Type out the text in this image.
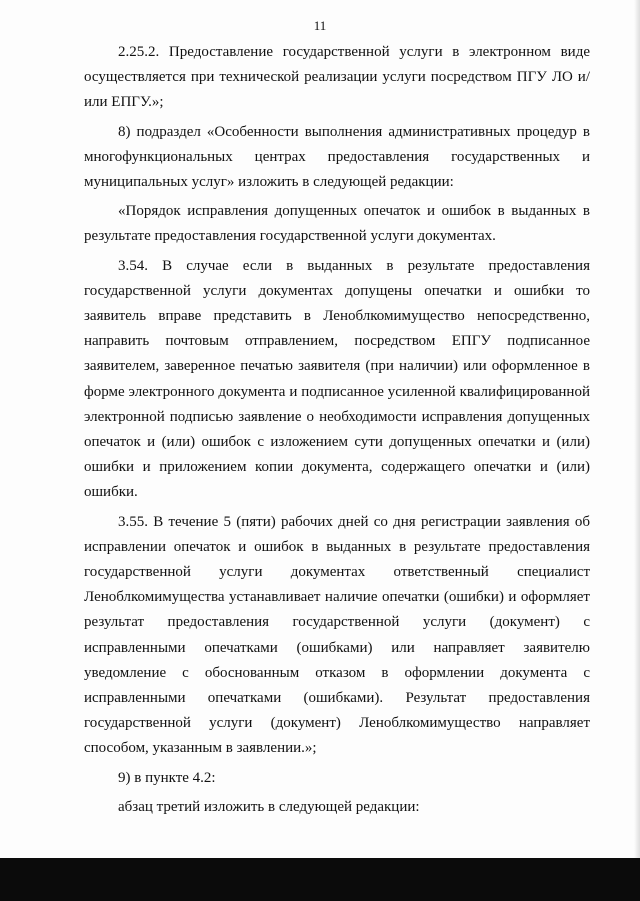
11

2.25.2. Предоставление государственной услуги в электронном виде осуществляется при технической реализации услуги посредством ПГУ ЛО и/или ЕПГУ.»;

8) подраздел «Особенности выполнения административных процедур в многофункциональных центрах предоставления государственных и муниципальных услуг» изложить в следующей редакции:

«Порядок исправления допущенных опечаток и ошибок в выданных в результате предоставления государственной услуги документах.

3.54. В случае если в выданных в результате предоставления государственной услуги документах допущены опечатки и ошибки то заявитель вправе представить в Леноблкомимущество непосредственно, направить почтовым отправлением, посредством ЕПГУ подписанное заявителем, заверенное печатью заявителя (при наличии) или оформленное в форме электронного документа и подписанное усиленной квалифицированной электронной подписью заявление о необходимости исправления допущенных опечаток и (или) ошибок с изложением сути допущенных опечатки и (или) ошибки и приложением копии документа, содержащего опечатки и (или) ошибки.

3.55. В течение 5 (пяти) рабочих дней со дня регистрации заявления об исправлении опечаток и ошибок в выданных в результате предоставления государственной услуги документах ответственный специалист Леноблкомимущества устанавливает наличие опечатки (ошибки) и оформляет результат предоставления государственной услуги (документ) с исправленными опечатками (ошибками) или направляет заявителю уведомление с обоснованным отказом в оформлении документа с исправленными опечатками (ошибками). Результат предоставления государственной услуги (документ) Леноблкомимущество направляет способом, указанным в заявлении.»;

9) в пункте 4.2:

абзац третий изложить в следующей редакции:
